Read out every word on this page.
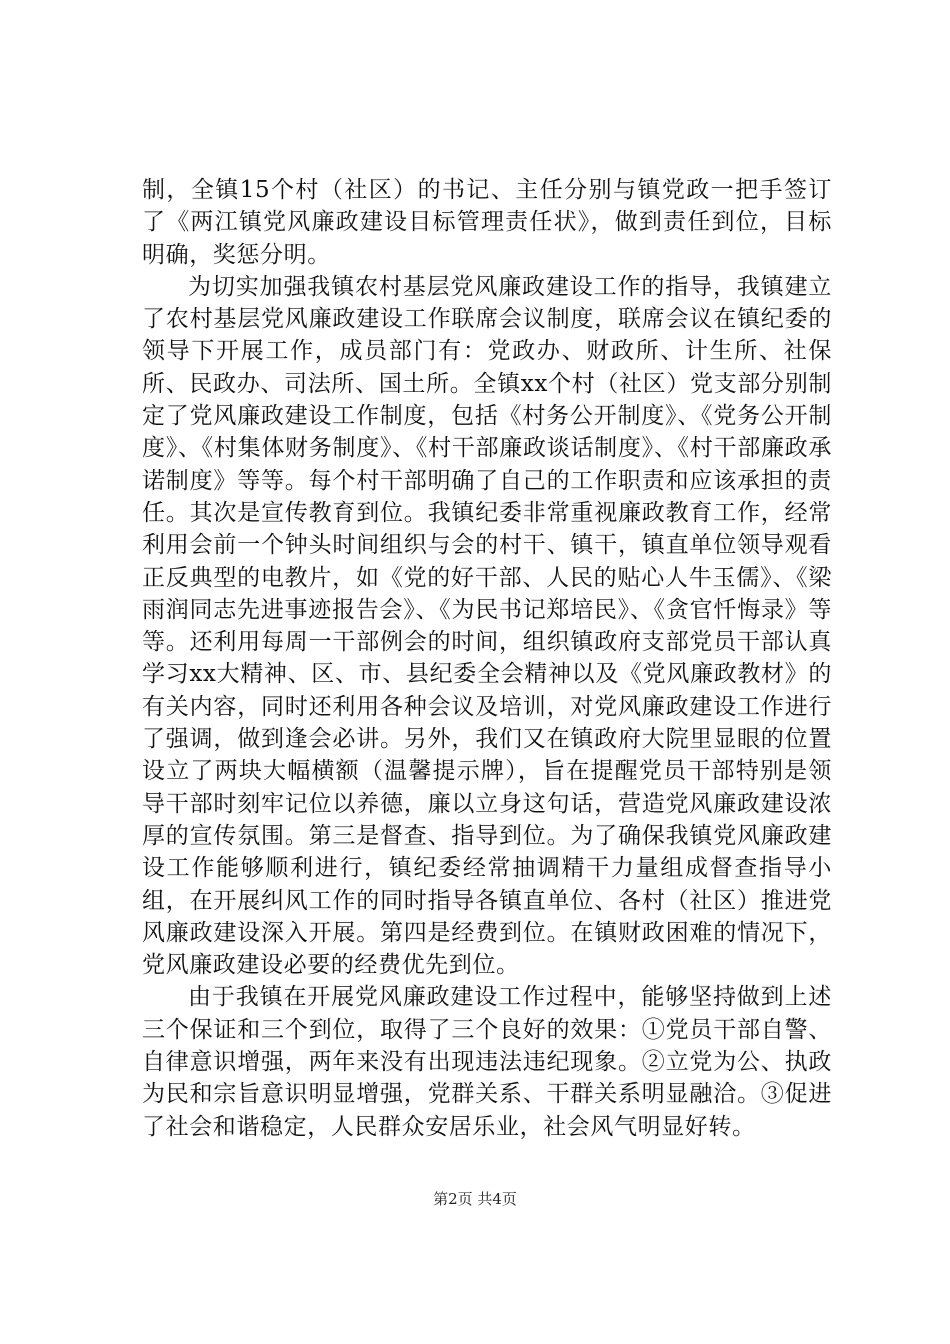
制，全镇15个村（社区）的书记、主任分别与镇党政一把手签订了《两江镇党风廉政建设目标管理责任状》，做到责任到位，目标明确，奖惩分明。

为切实加强我镇农村基层党风廉政建设工作的指导，我镇建立了农村基层党风廉政建设工作联席会议制度，联席会议在镇纪委的领导下开展工作，成员部门有：党政办、财政所、计生所、社保所、民政办、司法所、国土所。全镇xx个村（社区）党支部分别制定了党风廉政建设工作制度，包括《村务公开制度》、《党务公开制度》、《村集体财务制度》、《村干部廉政谈话制度》、《村干部廉政承诺制度》等等。每个村干部明确了自己的工作职责和应该承担的责任。其次是宣传教育到位。我镇纪委非常重视廉政教育工作，经常利用会前一个钟头时间组织与会的村干、镇干，镇直单位领导观看正反典型的电教片，如《党的好干部、人民的贴心人牛玉儒》、《梁雨润同志先进事迹报告会》、《为民书记郑培民》、《贪官忏悔录》等等。还利用每周一干部例会的时间，组织镇政府支部党员干部认真学习xx大精神、区、市、县纪委全会精神以及《党风廉政教材》的有关内容，同时还利用各种会议及培训，对党风廉政建设工作进行了强调，做到逢会必讲。另外，我们又在镇政府大院里显眼的位置设立了两块大幅横额（温馨提示牌），旨在提醒党员干部特别是领导干部时刻牢记位以养德，廉以立身这句话，营造党风廉政建设浓厚的宣传氛围。第三是督查、指导到位。为了确保我镇党风廉政建设工作能够顺利进行，镇纪委经常抽调精干力量组成督查指导小组，在开展纠风工作的同时指导各镇直单位、各村（社区）推进党风廉政建设深入开展。第四是经费到位。在镇财政困难的情况下，党风廉政建设必要的经费优先到位。

由于我镇在开展党风廉政建设工作过程中，能够坚持做到上述三个保证和三个到位，取得了三个良好的效果：①党员干部自警、自律意识增强，两年来没有出现违法违纪现象。②立党为公、执政为民和宗旨意识明显增强，党群关系、干群关系明显融洽。③促进了社会和谐稳定，人民群众安居乐业，社会风气明显好转。

第2页 共4页
